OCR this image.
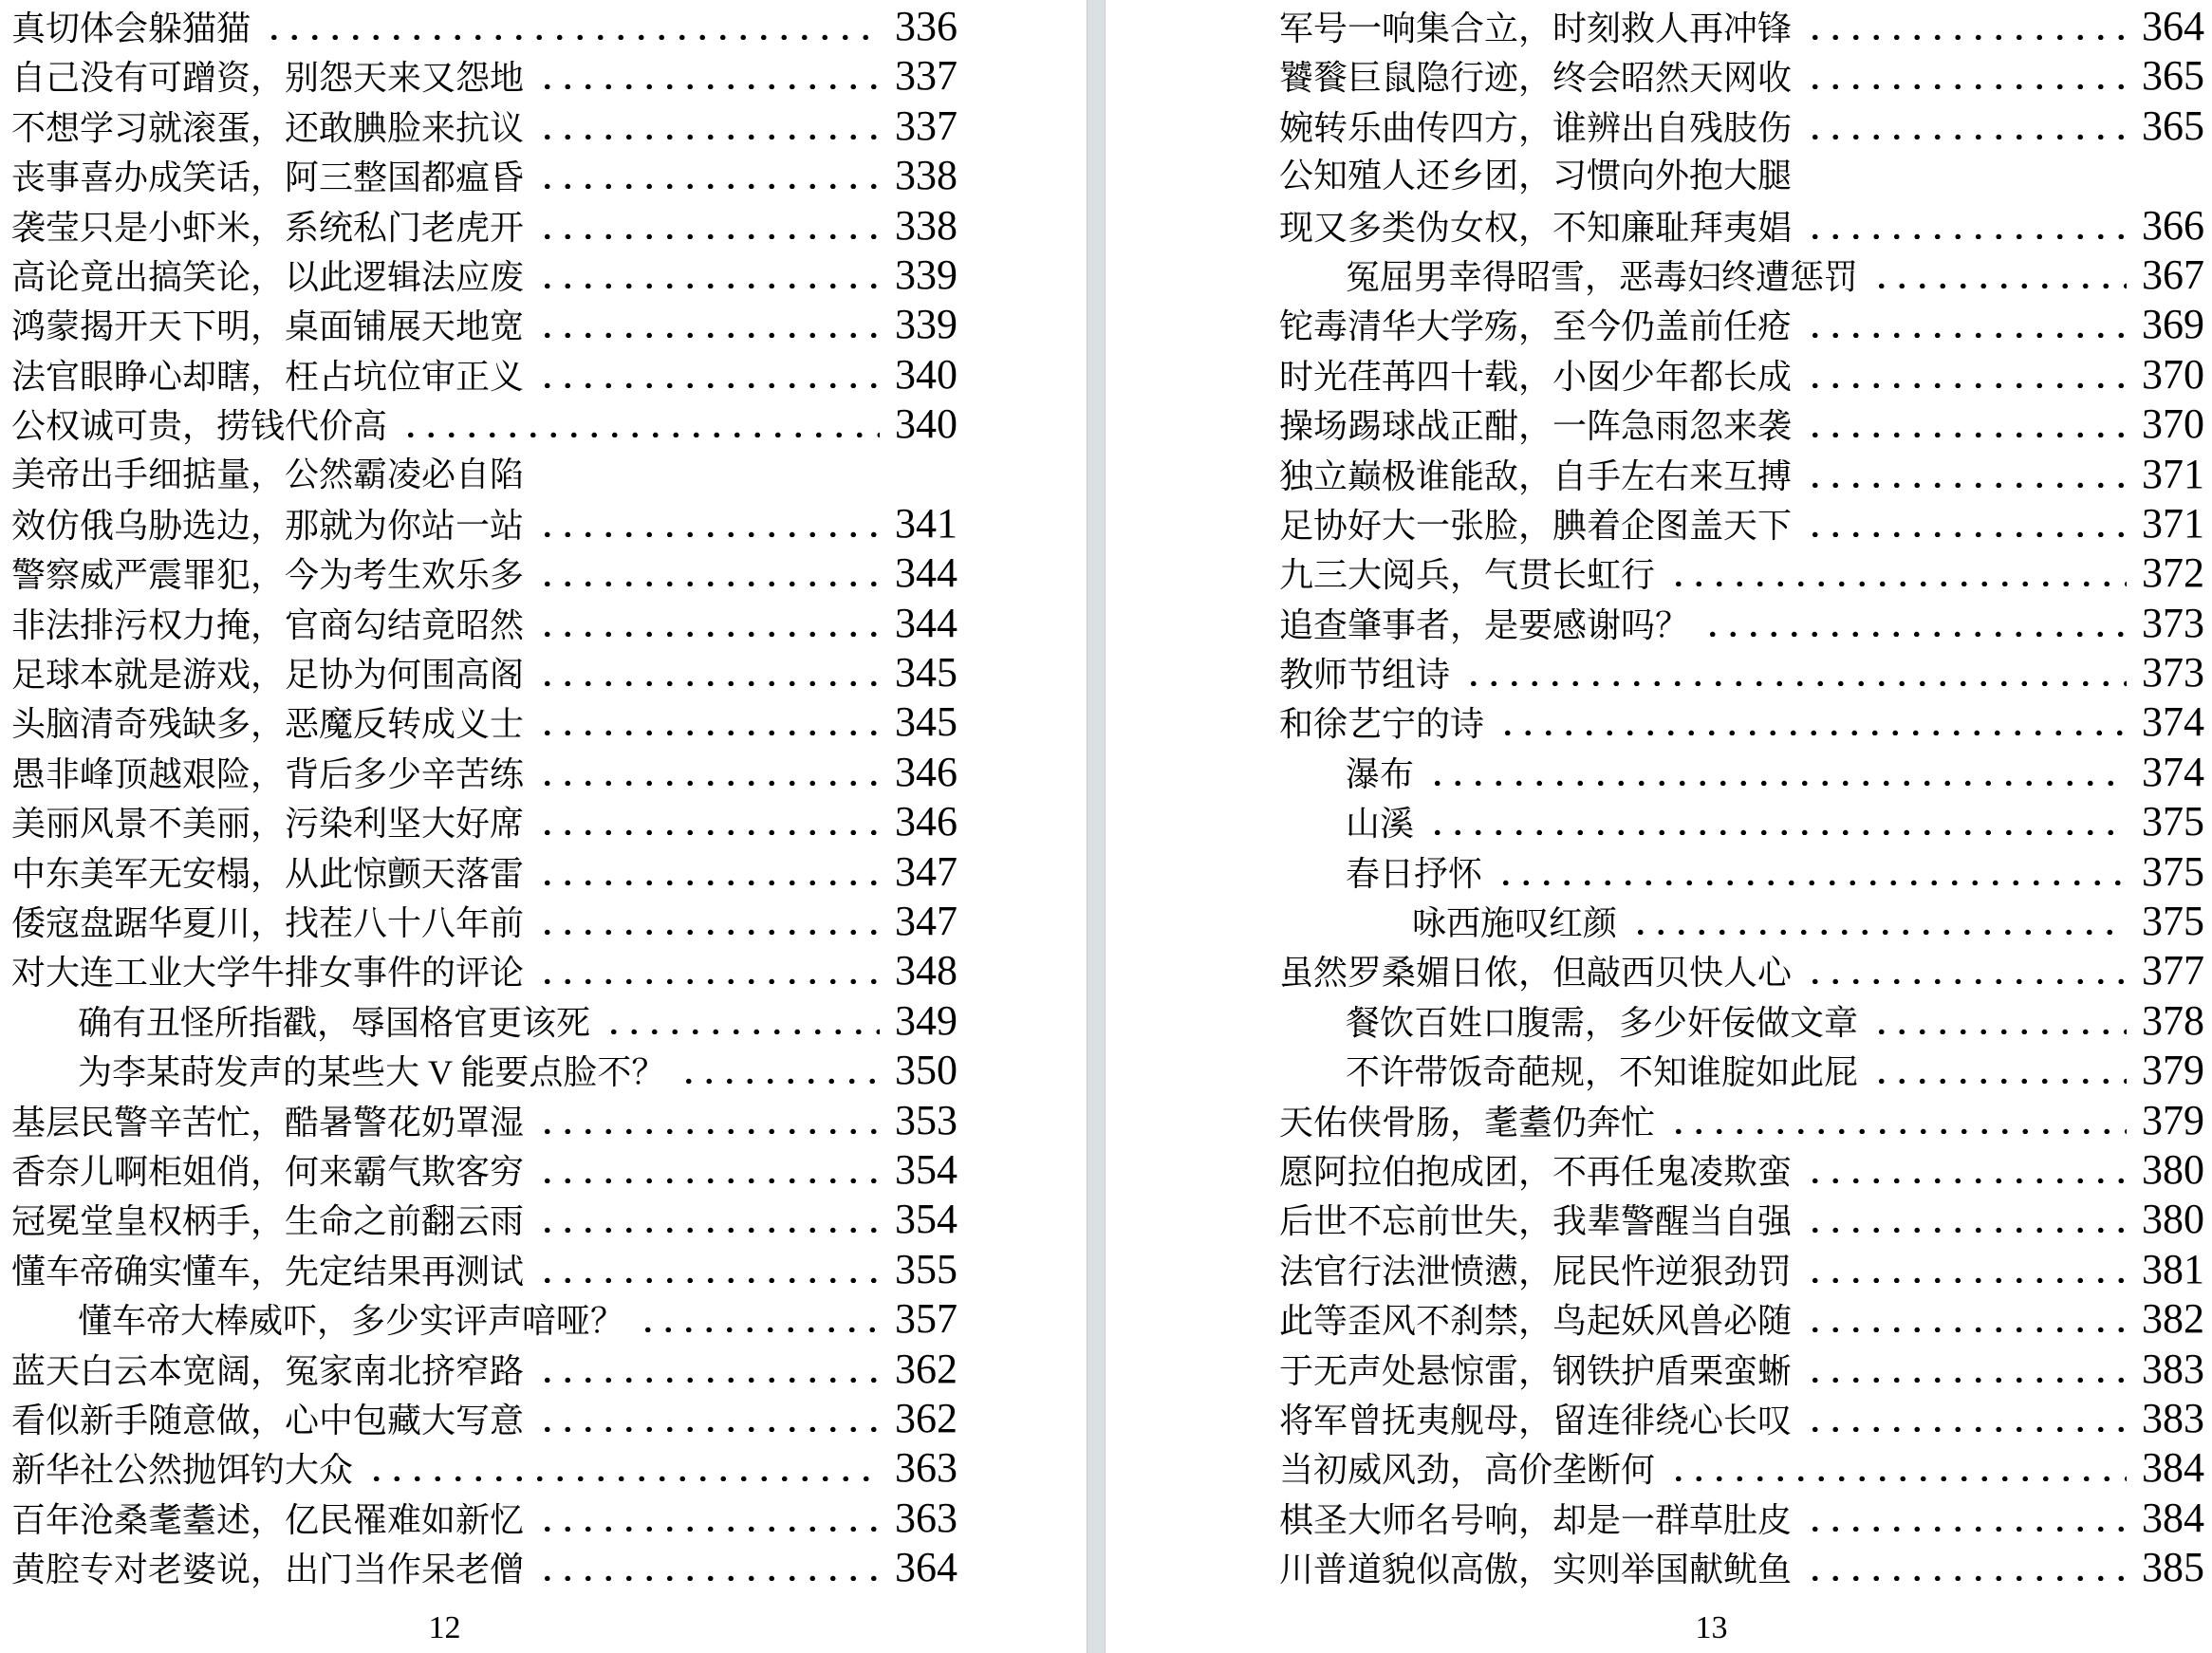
真切体会躲猫猫	336
自己没有可蹭资，别怨天来又怨地	337
不想学习就滚蛋，还敢腆脸来抗议	337
丧事喜办成笑话，阿三整国都瘟昏	338
袭莹只是小虾米，系统私门老虎开	338
高论竟出搞笑论，以此逻辑法应废	339
鸿蒙揭开天下明，桌面铺展天地宽	339
法官眼睁心却瞎，枉占坑位审正义	340
公权诚可贵，捞钱代价高	340
美帝出手细掂量，公然霸凌必自陷
效仿俄乌胁选边，那就为你站一站	341
警察威严震罪犯，今为考生欢乐多	344
非法排污权力掩，官商勾结竟昭然	344
足球本就是游戏，足协为何围高阁	345
头脑清奇残缺多，恶魔反转成义士	345
愚非峰顶越艰险，背后多少辛苦练	346
美丽风景不美丽，污染利坚大好席	346
中东美军无安榻，从此惊颤天落雷	347
倭寇盘踞华夏川，找茬八十八年前	347
对大连工业大学牛排女事件的评论	348
确有丑怪所指戳，辱国格官更该死	349
为李某莳发声的某些大 V 能要点脸不？	350
基层民警辛苦忙，酷暑警花奶罩湿	353
香奈儿啊柜姐俏，何来霸气欺客穷	354
冠冕堂皇权柄手，生命之前翻云雨	354
懂车帝确实懂车，先定结果再测试	355
懂车帝大棒威吓，多少实评声喑哑？	357
蓝天白云本宽阔，冤家南北挤窄路	362
看似新手随意做，心中包藏大写意	362
新华社公然抛饵钓大众	363
百年沧桑耄耋述，亿民罹难如新忆	363
黄腔专对老婆说，出门当作呆老僧	364
12
军号一响集合立，时刻救人再冲锋	364
饕餮巨鼠隐行迹，终会昭然天网收	365
婉转乐曲传四方，谁辨出自残肢伤	365
公知殖人还乡团，习惯向外抱大腿
现又多类伪女权，不知廉耻拜夷娼	366
冤屈男幸得昭雪，恶毒妇终遭惩罚	367
铊毒清华大学殇，至今仍盖前任疮	369
时光荏苒四十载，小囡少年都长成	370
操场踢球战正酣，一阵急雨忽来袭	370
独立巅极谁能敌，自手左右来互搏	371
足协好大一张脸，腆着企图盖天下	371
九三大阅兵，气贯长虹行	372
追查肇事者，是要感谢吗？	373
教师节组诗	373
和徐艺宁的诗	374
瀑布	374
山溪	375
春日抒怀	375
咏西施叹红颜	375
虽然罗桑媚日侬，但敲西贝快人心	377
餐饮百姓口腹需，多少奸佞做文章	378
不许带饭奇葩规，不知谁腚如此屁	379
天佑侠骨肠，耄耋仍奔忙	379
愿阿拉伯抱成团，不再任鬼凌欺蛮	380
后世不忘前世失，我辈警醒当自强	380
法官行法泄愤懑，屁民忤逆狠劲罚	381
此等歪风不刹禁，鸟起妖风兽必随	382
于无声处悬惊雷，钢铁护盾栗蛮蜥	383
将军曾抚夷舰母，留连徘绕心长叹	383
当初威风劲，高价垄断何	384
棋圣大师名号响，却是一群草肚皮	384
川普道貌似高傲，实则举国献鱿鱼	385
13
